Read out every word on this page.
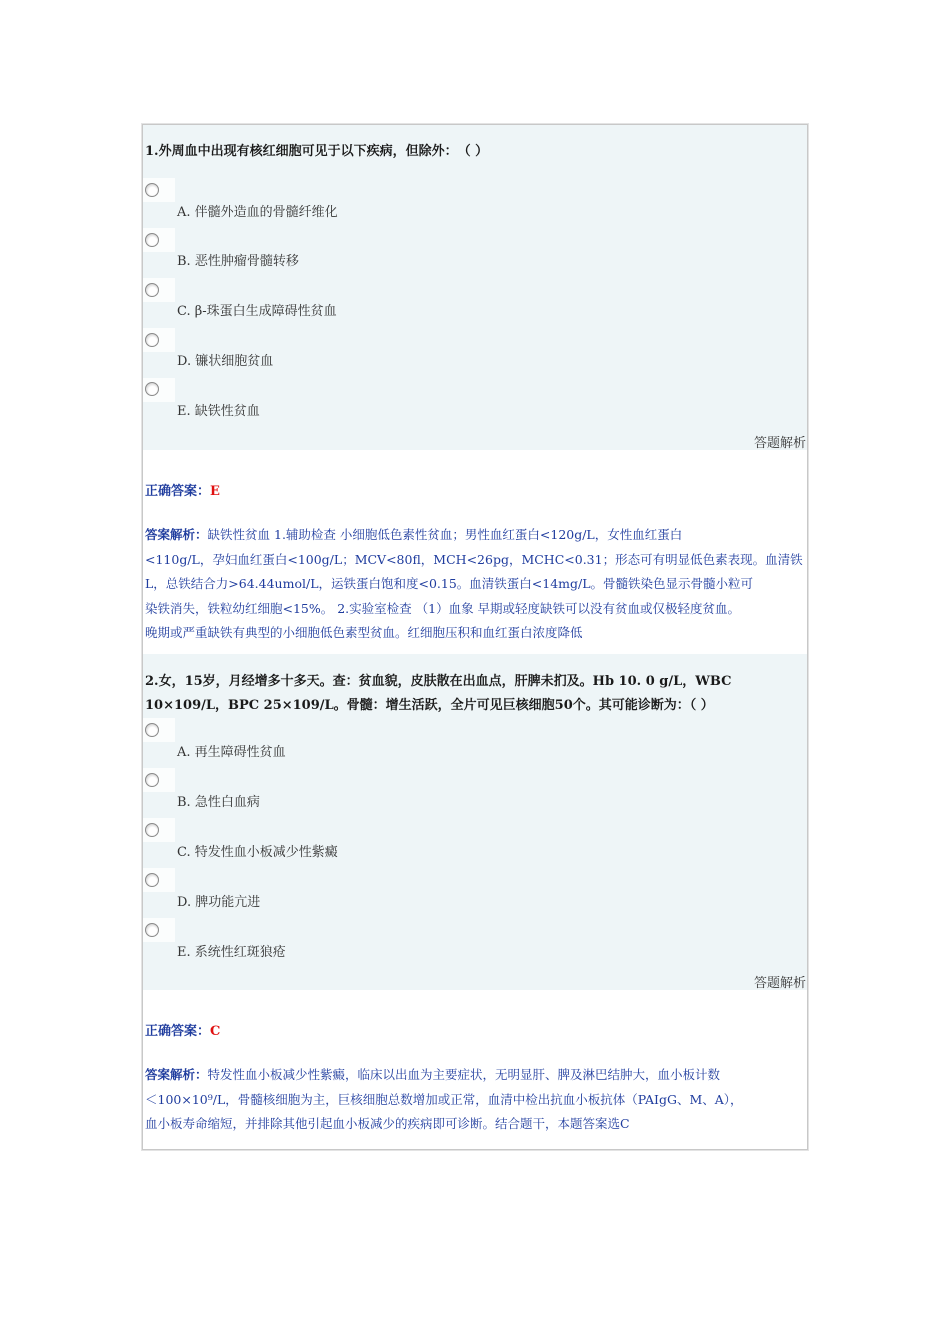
1.外周血中出现有核红细胞可见于以下疾病，但除外：　（ ）
A. 伴髓外造血的骨髓纤维化
B. 恶性肿瘤骨髓转移
C. β-珠蛋白生成障碍性贫血
D. 镰状细胞贫血
E. 缺铁性贫血
答题解析
正确答案：E
答案解析：缺铁性贫血 1.辅助检查 小细胞低色素性贫血；男性血红蛋白<120g/L，女性血红蛋白
<110g/L，孕妇血红蛋白<100g/L；MCV<80fl，MCH<26pg，MCHC<0.31；形态可有明显低色素表现。血清铁
L，总铁结合力>64.44umol/L，运铁蛋白饱和度<0.15。血清铁蛋白<14mg/L。骨髓铁染色显示骨髓小粒可
染铁消失，铁粒幼红细胞<15%。 2.实验室检查 （1）血象 早期或轻度缺铁可以没有贫血或仅极轻度贫血。
晚期或严重缺铁有典型的小细胞低色素型贫血。红细胞压积和血红蛋白浓度降低
2.女，15岁，月经增多十多天。查：贫血貌，皮肤散在出血点，肝脾未扪及。Hb 10. 0 g/L，WBC
10×109/L，BPC 25×109/L。骨髓：增生活跃，全片可见巨核细胞50个。其可能诊断为：（ ）
A. 再生障碍性贫血
B. 急性白血病
C. 特发性血小板减少性紫癜
D. 脾功能亢进
E. 系统性红斑狼疮
答题解析
正确答案：C
答案解析：特发性血小板减少性紫癜，临床以出血为主要症状，无明显肝、脾及淋巴结肿大，血小板计数
＜100×10⁹/L，骨髓核细胞为主，巨核细胞总数增加或正常，血清中检出抗血小板抗体（PAIgG、M、A），
血小板寿命缩短，并排除其他引起血小板减少的疾病即可诊断。结合题干，本题答案选C
